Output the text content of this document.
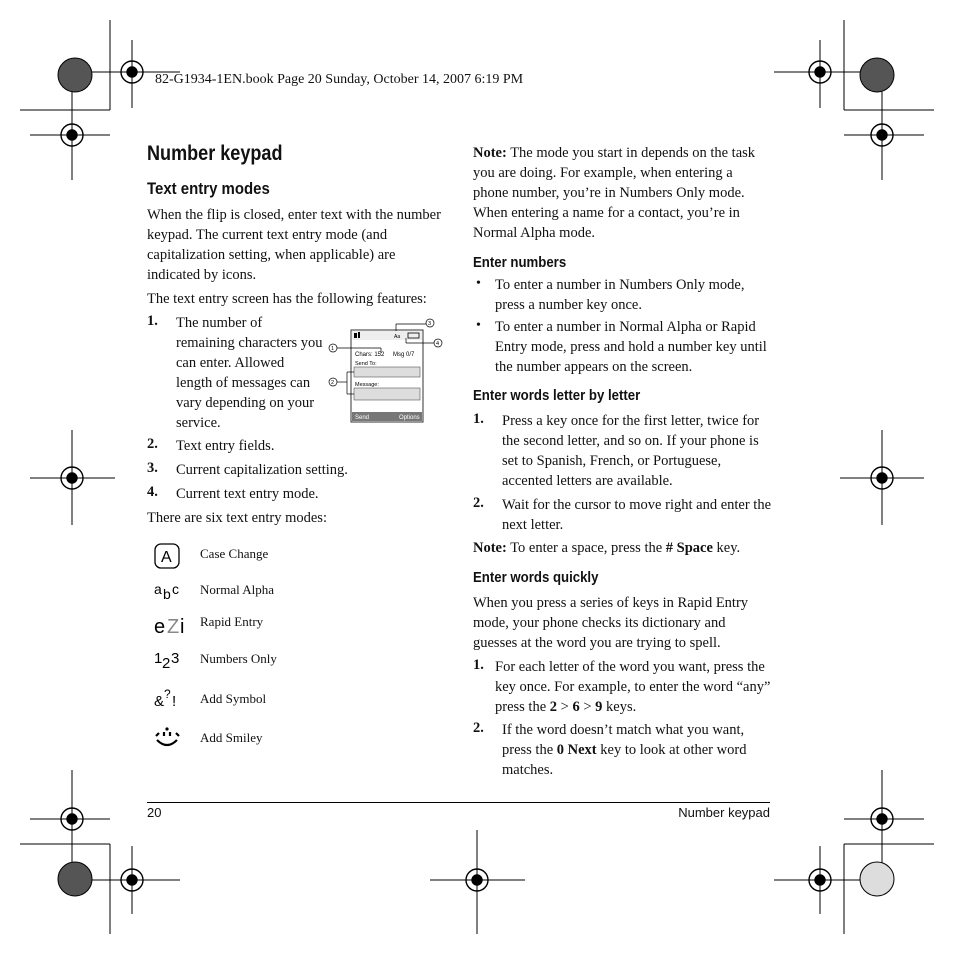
82-G1934-1EN.book Page 20 Sunday, October 14, 2007 6:19 PM
Number keypad
Text entry modes
When the flip is closed, enter text with the number keypad. The current text entry mode (and capitalization setting, when applicable) are indicated by icons.
The text entry screen has the following features:
1. The number of remaining characters you can enter. Allowed length of messages can vary depending on your service.
2. Text entry fields.
3. Current capitalization setting.
4. Current text entry mode.
Aa
Chars: 152 Msg 0/7
Send To:
Message:
Send	Options
1
2
3
4
There are six text entry modes:
A Case Change
a b c Normal Alpha
e Z i Rapid Entry
1 2 3 Numbers Only
& ? ! Add Symbol
Add Smiley
Note: The mode you start in depends on the task you are doing. For example, when entering a phone number, you’re in Numbers Only mode. When entering a name for a contact, you’re in Normal Alpha mode.
Enter numbers
• To enter a number in Numbers Only mode, press a number key once.
• To enter a number in Normal Alpha or Rapid Entry mode, press and hold a number key until the number appears on the screen.
Enter words letter by letter
1. Press a key once for the first letter, twice for the second letter, and so on. If your phone is set to Spanish, French, or Portuguese, accented letters are available.
2. Wait for the cursor to move right and enter the next letter.
Note: To enter a space, press the # Space key.
Enter words quickly
When you press a series of keys in Rapid Entry mode, your phone checks its dictionary and guesses at the word you are trying to spell.
1. For each letter of the word you want, press the key once. For example, to enter the word “any” press the 2 > 6 > 9 keys.
2. If the word doesn’t match what you want, press the 0 Next key to look at other word matches.
20	Number keypad
